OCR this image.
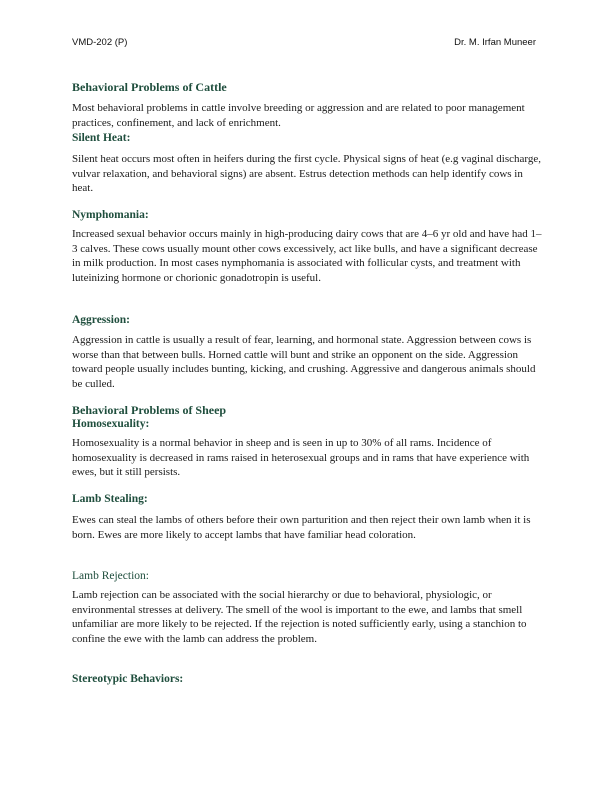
VMD-202 (P)	Dr. M. Irfan Muneer
Behavioral Problems of Cattle
Most behavioral problems in cattle involve breeding or aggression and are related to poor management practices, confinement, and lack of enrichment.
Silent Heat:
Silent heat occurs most often in heifers during the first cycle. Physical signs of heat (e.g vaginal discharge, vulvar relaxation, and behavioral signs) are absent. Estrus detection methods can help identify cows in heat.
Nymphomania:
Increased sexual behavior occurs mainly in high-producing dairy cows that are 4–6 yr old and have had 1–3 calves. These cows usually mount other cows excessively, act like bulls, and have a significant decrease in milk production. In most cases nymphomania is associated with follicular cysts, and treatment with luteinizing hormone or chorionic gonadotropin is useful.
Aggression:
Aggression in cattle is usually a result of fear, learning, and hormonal state. Aggression between cows is worse than that between bulls. Horned cattle will bunt and strike an opponent on the side. Aggression toward people usually includes bunting, kicking, and crushing. Aggressive and dangerous animals should be culled.
Behavioral Problems of Sheep
Homosexuality:
Homosexuality is a normal behavior in sheep and is seen in up to 30% of all rams. Incidence of homosexuality is decreased in rams raised in heterosexual groups and in rams that have experience with ewes, but it still persists.
Lamb Stealing:
Ewes can steal the lambs of others before their own parturition and then reject their own lamb when it is born. Ewes are more likely to accept lambs that have familiar head coloration.
Lamb Rejection:
Lamb rejection can be associated with the social hierarchy or due to behavioral, physiologic, or environmental stresses at delivery. The smell of the wool is important to the ewe, and lambs that smell unfamiliar are more likely to be rejected. If the rejection is noted sufficiently early, using a stanchion to confine the ewe with the lamb can address the problem.
Stereotypic Behaviors:
